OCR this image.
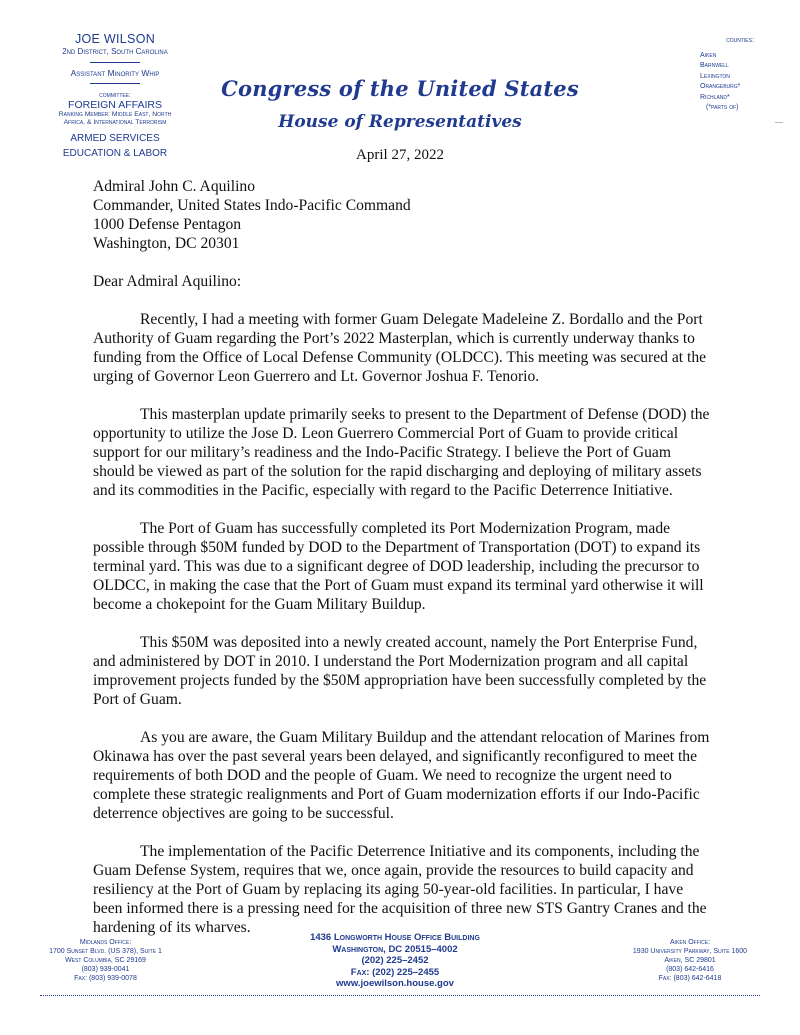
JOE WILSON
2nd District, South Carolina
Assistant Minority Whip
committee:
FOREIGN AFFAIRS
Ranking Member: Middle East, North
Africa, & International Terrorism
ARMED SERVICES
EDUCATION & LABOR
Congress of the United States
House of Representatives
April 27, 2022
counties:
Aiken
Barnwell
Lexington
Orangeburg*
Richland*
(*parts of)

Admiral John C. Aquilino

Commander, United States Indo-Pacific Command

1000 Defense Pentagon

Washington, DC 20301

Dear Admiral Aquilino:

Recently, I had a meeting with former Guam Delegate Madeleine Z. Bordallo and the Port Authority of Guam regarding the Port’s 2022 Masterplan, which is currently underway thanks to funding from the Office of Local Defense Community (OLDCC). This meeting was secured at the urging of Governor Leon Guerrero and Lt. Governor Joshua F. Tenorio.

This masterplan update primarily seeks to present to the Department of Defense (DOD) the opportunity to utilize the Jose D. Leon Guerrero Commercial Port of Guam to provide critical support for our military’s readiness and the Indo-Pacific Strategy. I believe the Port of Guam should be viewed as part of the solution for the rapid discharging and deploying of military assets and its commodities in the Pacific, especially with regard to the Pacific Deterrence Initiative.

The Port of Guam has successfully completed its Port Modernization Program, made possible through $50M funded by DOD to the Department of Transportation (DOT) to expand its terminal yard. This was due to a significant degree of DOD leadership, including the precursor to OLDCC, in making the case that the Port of Guam must expand its terminal yard otherwise it will become a chokepoint for the Guam Military Buildup.

This $50M was deposited into a newly created account, namely the Port Enterprise Fund, and administered by DOT in 2010. I understand the Port Modernization program and all capital improvement projects funded by the $50M appropriation have been successfully completed by the Port of Guam.

As you are aware, the Guam Military Buildup and the attendant relocation of Marines from Okinawa has over the past several years been delayed, and significantly reconfigured to meet the requirements of both DOD and the people of Guam. We need to recognize the urgent need to complete these strategic realignments and Port of Guam modernization efforts if our Indo-Pacific deterrence objectives are going to be successful.

The implementation of the Pacific Deterrence Initiative and its components, including the Guam Defense System, requires that we, once again, provide the resources to build capacity and resiliency at the Port of Guam by replacing its aging 50-year-old facilities. In particular, I have been informed there is a pressing need for the acquisition of three new STS Gantry Cranes and the hardening of its wharves.

Midlands Office:
1700 Sunset Blvd. (US 378), Suite 1
West Columbia, SC 29169
(803) 939-0041
Fax: (803) 939-0078
1436 Longworth House Office Building
Washington, DC 20515–4002
(202) 225–2452
Fax: (202) 225–2455
www.joewilson.house.gov
Aiken Office:
1930 University Parkway, Suite 1600
Aiken, SC 29801
(803) 642-6416
Fax: (803) 642-6418
